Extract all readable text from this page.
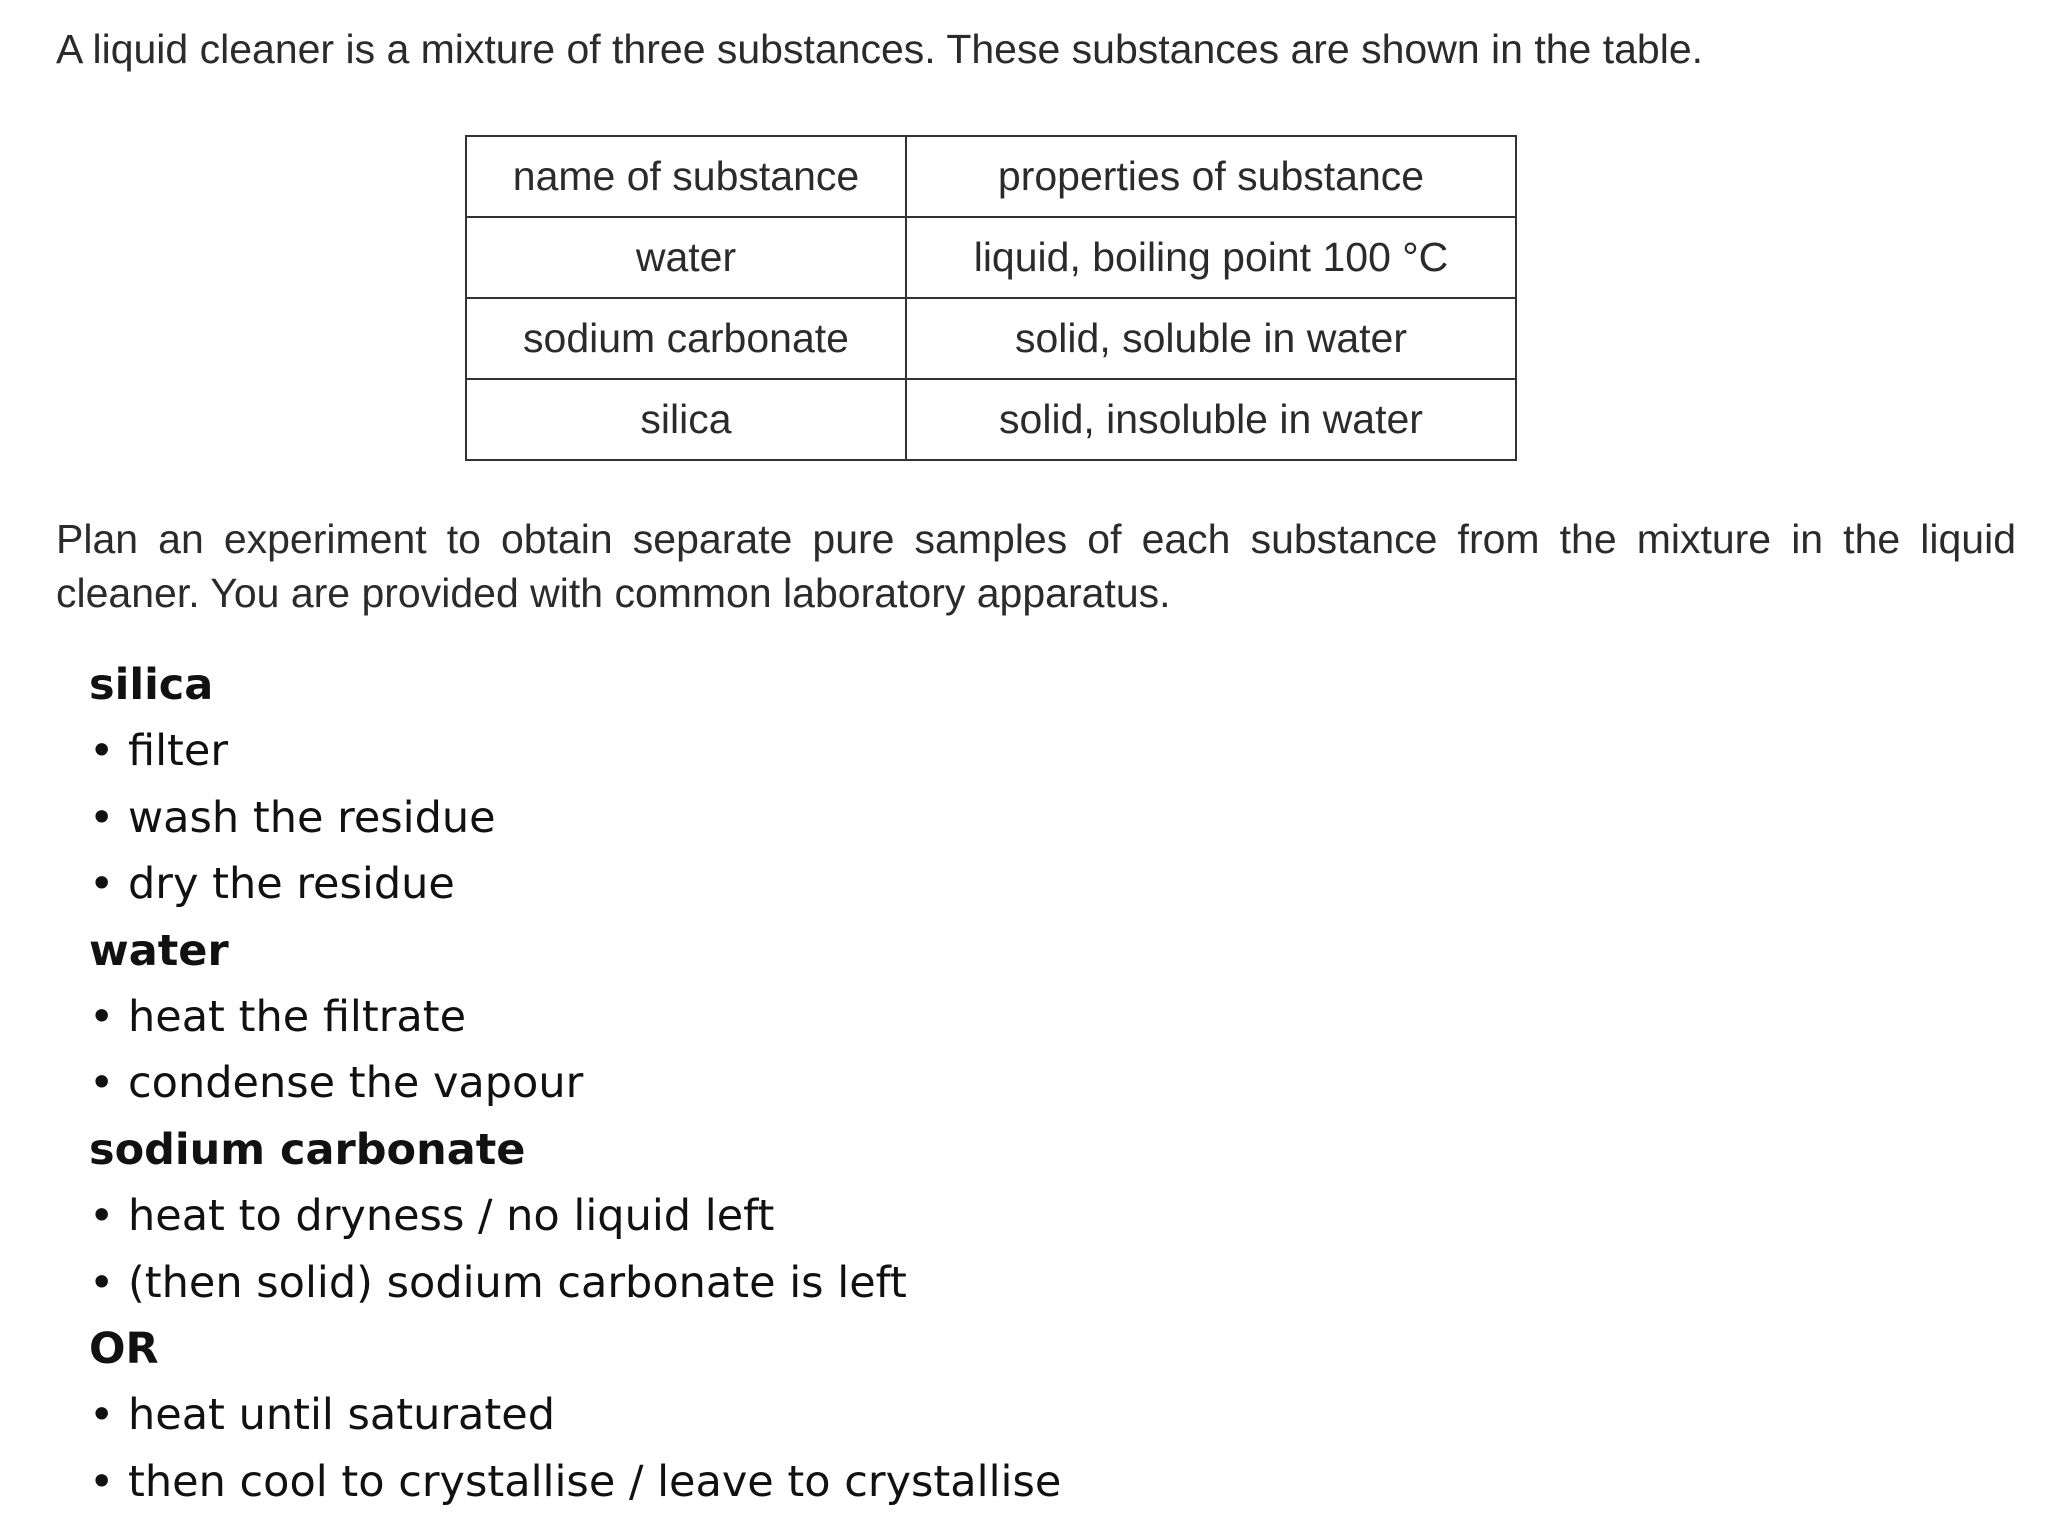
A liquid cleaner is a mixture of three substances. These substances are shown in the table.

name of substance	properties of substance
water	liquid, boiling point 100 °C
sodium carbonate	solid, soluble in water
silica	solid, insoluble in water

Plan an experiment to obtain separate pure samples of each substance from the mixture in the liquid cleaner. You are provided with common laboratory apparatus.

silica
• filter
• wash the residue
• dry the residue
water
• heat the filtrate
• condense the vapour
sodium carbonate
• heat to dryness / no liquid left
• (then solid) sodium carbonate is left
OR
• heat until saturated
• then cool to crystallise / leave to crystallise
